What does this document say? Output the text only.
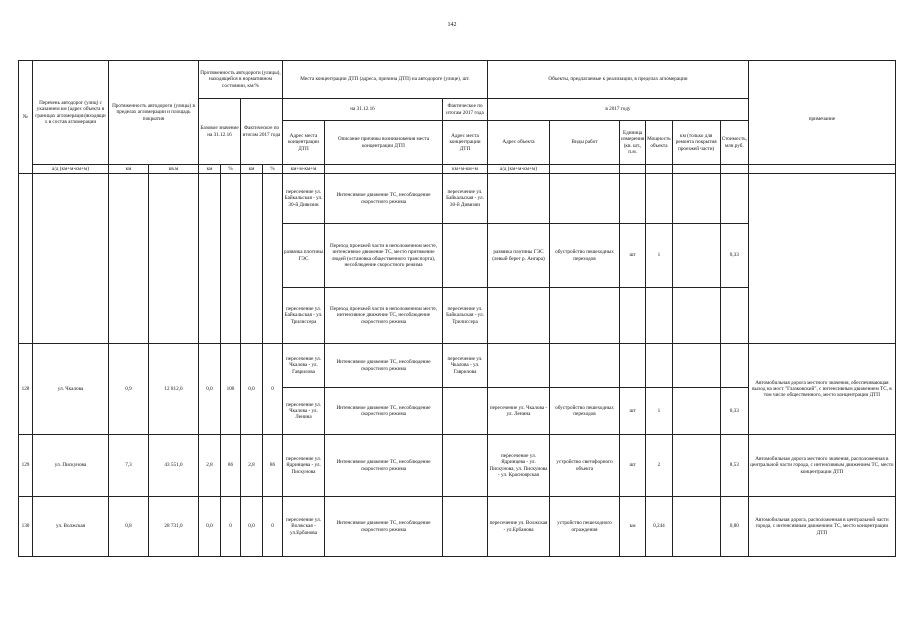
142
№	Перечень автодорог (улиц) с указанием км (адрес объекта в границах агломерации)входящи х в состав агломерации	Протяженность автодороги (улицы) в пределах агломерации и площадь покрытия		Протяженность автодороги (улицы), находящейся в нормативном состоянии, км/%				Места концентрации ДТП (адреса, причина ДТП) на автодороге (улице), шт.			Объекты, предлагаемые к реализации, в пределах агломерации						примечание
				Базовое значение на 31.12.16		Фактическое по итогам 2017 года		на 31.12.16		Фактическое по итогам 2017 года	в 2017 году						
								Адрес места концентрации ДТП	Описание причины возникновения места концентрации ДТП	Адрес места концентрации ДТП	Адрес объекта	Виды работ	Единица измерения (кв. шт., п.м.	Мощность объекта	км (только для ремонта покрытия проезжей части)	Стоимость, млн.руб.	
	а/д (км+м-км+м)	км	кв.м	км	%	км	%	км+м-км+м		км+м-км+м	а/д (км+м-км+м)						
								пересечение ул. Байкальская - ул. 30-й Дивизии	Интенсивное движение ТС, несоблюдение скоростного режима	пересечение ул. Байкальская - ул. 30-й Дивизии							
								развязка плотины ГЭС	Переход проезжей части в неположенном месте, интенсивное движение ТС, место притяжение людей (остановка общественного транспорта), несоблюдение скоростного режима		развязка плотины ГЭС (левый берег р. Ангара)	обустройство пешеходных переходов	шт	1		0,33	
								пересечение ул. Байкальская - ул. Трилиссера	Переход проезжей части в неположенном месте, интенсивное движение ТС, несоблюдение скоростного режима	пересечение ул. Байкальская - ул. Трилиссера							
128	ул. Чкалова	0,9	12 812,0	0,0	100	0,0	0	пересечение ул. Чкалова - ул. Гаврилова	Интенсивное движение ТС, несоблюдение скоростного режима	пересечение ул. Чкалова - ул. Гаврилова							Автомобильная дорога местного значения, обеспечивающая выход на мост "Глазковский", с интенсивным движением ТС, в том числе общественного, место концентрации ДТП
								пересечение ул. Чкалова - ул. Ленина	Интенсивное движение ТС, несоблюдение скоростного режима		пересечение ул. Чкалова - ул. Ленина	обустройство пешеходных переходов	шт	1		0,33	
129	ул. Пискунова	7,3	43 551,0	2,8	86	2,8	86	пересечение ул. Ядринцева - ул. Пискунова	Интенсивное движение ТС, несоблюдение скоростного режима		пересечение ул. Ядринцева - ул. Пискунова, ул. Пискунова - ул. Красноярская	устройство светофорного объекта	шт	2		8,53	Автомобильная дорога местного значения, расположенная в центральной части города, с интенсивным движением ТС, место концентрации ДТП
130	ул. Волжская	0,8	28 731,0	0,0	0	0,0	0	пересечение ул. Волжская - ул.Ербанова	Интенсивное движение ТС, несоблюдение скоростного режима		пересечение ул. Волжская - ул.Ербанова	устройство пешеходного ограждения	км	0,244		0,80	Автомобильная дорога, расположенная в центральной части города, с интенсивным движением ТС, место концентрации ДТП
